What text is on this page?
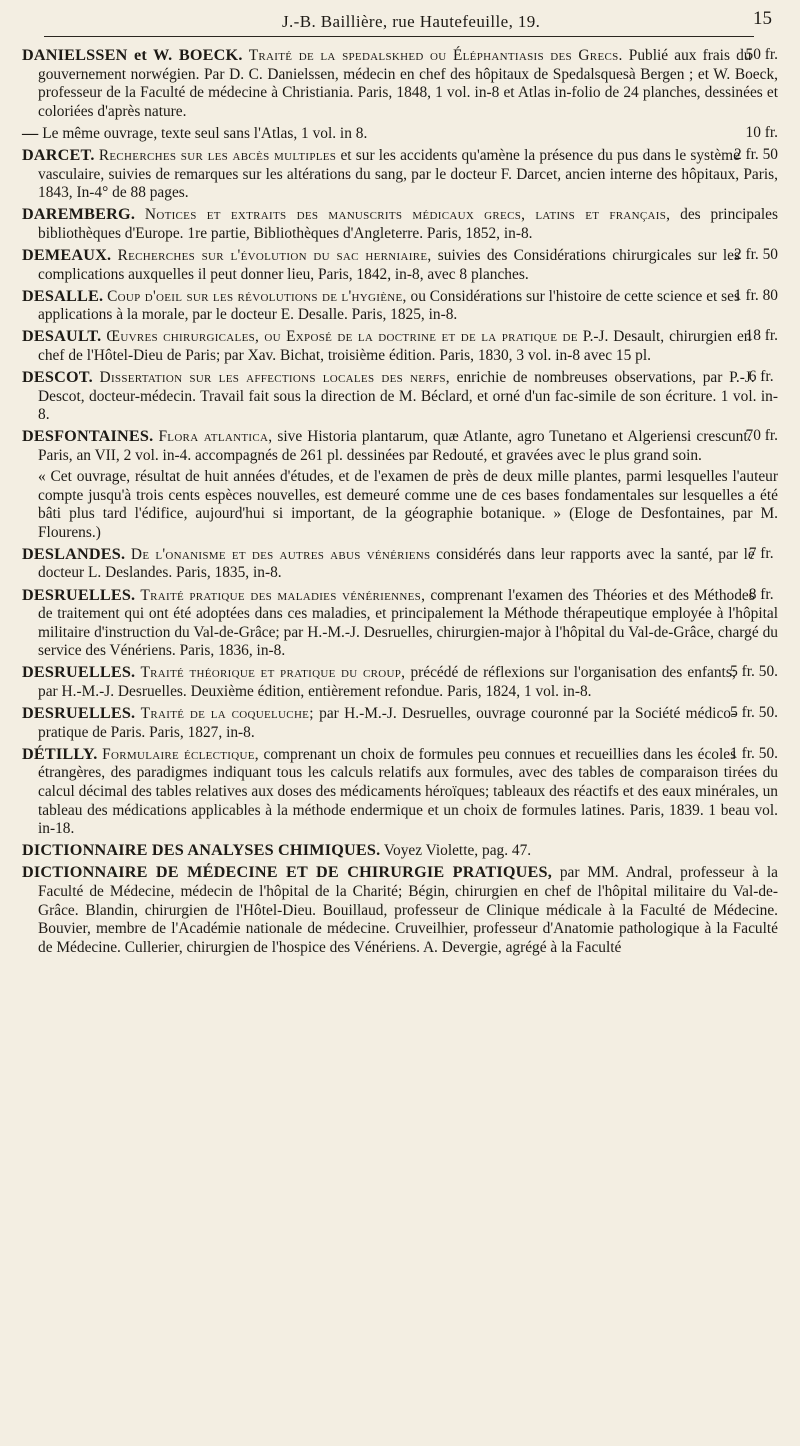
J.-B. Baillière, rue Hautefeuille, 19.	15

50 fr.
DANIELSSEN et W. BOECK. Traité de la spedalskhed ou Éléphantiasis des Grecs. Publié aux frais du gouvernement norwégien. Par D. C. Danielssen, médecin en chef des hôpitaux de Spedalsquesà Bergen ; et W. Boeck, professeur de la Faculté de médecine à Christiania. Paris, 1848, 1 vol. in-8 et Atlas in-folio de 24 planches, dessinées et coloriées d'après nature.

10 fr.
— Le même ouvrage, texte seul sans l'Atlas, 1 vol. in 8.

2 fr. 50
DARCET. Recherches sur les abcès multiples et sur les accidents qu'amène la présence du pus dans le système vasculaire, suivies de remarques sur les altérations du sang, par le docteur F. Darcet, ancien interne des hôpitaux, Paris, 1843, In-4° de 88 pages.

DAREMBERG. Notices et extraits des manuscrits médicaux grecs, latins et français, des principales bibliothèques d'Europe. 1re partie, Bibliothèques d'Angleterre. Paris, 1852, in-8.

2 fr. 50
DEMEAUX. Recherches sur l'évolution du sac herniaire, suivies des Considérations chirurgicales sur les complications auxquelles il peut donner lieu, Paris, 1842, in-8, avec 8 planches.

1 fr. 80
DESALLE. Coup d'oeil sur les révolutions de l'hygiène, ou Considérations sur l'histoire de cette science et ses applications à la morale, par le docteur E. Desalle. Paris, 1825, in-8.

18 fr.
DESAULT. Œuvres chirurgicales, ou Exposé de la doctrine et de la pratique de P.-J. Desault, chirurgien en chef de l'Hôtel-Dieu de Paris; par Xav. Bichat, troisième édition. Paris, 1830, 3 vol. in-8 avec 15 pl.

6 fr.
DESCOT. Dissertation sur les affections locales des nerfs, enrichie de nombreuses observations, par P.-J. Descot, docteur-médecin. Travail fait sous la direction de M. Béclard, et orné d'un fac-simile de son écriture. 1 vol. in-8.

70 fr.
DESFONTAINES. Flora atlantica, sive Historia plantarum, quæ Atlante, agro Tunetano et Algeriensi crescunt. Paris, an VII, 2 vol. in-4. accompagnés de 261 pl. dessinées par Redouté, et gravées avec le plus grand soin.

« Cet ouvrage, résultat de huit années d'études, et de l'examen de près de deux mille plantes, parmi lesquelles l'auteur compte jusqu'à trois cents espèces nouvelles, est demeuré comme une de ces bases fondamentales sur lesquelles a été bâti plus tard l'édifice, aujourd'hui si important, de la géographie botanique. » (Eloge de Desfontaines, par M. Flourens.)

7 fr.
DESLANDES. De l'onanisme et des autres abus vénériens considérés dans leur rapports avec la santé, par le docteur L. Deslandes. Paris, 1835, in-8.

8 fr.
DESRUELLES. Traité pratique des maladies vénériennes, comprenant l'examen des Théories et des Méthodes de traitement qui ont été adoptées dans ces maladies, et principalement la Méthode thérapeutique employée à l'hôpital militaire d'instruction du Val-de-Grâce; par H.-M.-J. Desruelles, chirurgien-major à l'hôpital du Val-de-Grâce, chargé du service des Vénériens. Paris, 1836, in-8.

5 fr. 50.
DESRUELLES. Traité théorique et pratique du croup, précédé de réflexions sur l'organisation des enfants; par H.-M.-J. Desruelles. Deuxième édition, entièrement refondue. Paris, 1824, 1 vol. in-8.

5 fr. 50.
DESRUELLES. Traité de la coqueluche; par H.-M.-J. Desruelles, ouvrage couronné par la Société médico-pratique de Paris. Paris, 1827, in-8.

1 fr. 50.
DÉTILLY. Formulaire éclectique, comprenant un choix de formules peu connues et recueillies dans les écoles étrangères, des paradigmes indiquant tous les calculs relatifs aux formules, avec des tables de comparaison tirées du calcul décimal des tables relatives aux doses des médicaments héroïques; tableaux des réactifs et des eaux minérales, un tableau des médications applicables à la méthode endermique et un choix de formules latines. Paris, 1839. 1 beau vol. in-18.

DICTIONNAIRE DES ANALYSES CHIMIQUES. Voyez Violette, pag. 47.

DICTIONNAIRE DE MÉDECINE ET DE CHIRURGIE PRATIQUES, par MM. Andral, professeur à la Faculté de Médecine, médecin de l'hôpital de la Charité; Bégin, chirurgien en chef de l'hôpital militaire du Val-de-Grâce. Blandin, chirurgien de l'Hôtel-Dieu. Bouillaud, professeur de Clinique médicale à la Faculté de Médecine. Bouvier, membre de l'Académie nationale de médecine. Cruveilhier, professeur d'Anatomie pathologique à la Faculté de Médecine. Cullerier, chirurgien de l'hospice des Vénériens. A. Devergie, agrégé à la Faculté
